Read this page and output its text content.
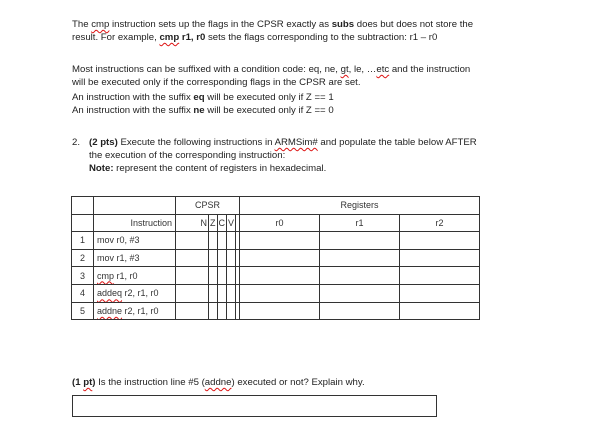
The cmp instruction sets up the flags in the CPSR exactly as subs does but does not store the
result. For example, cmp r1, r0 sets the flags corresponding to the subtraction: r1 – r0
Most instructions can be suffixed with a condition code: eq, ne, gt, le, …etc and the instruction
will be executed only if the corresponding flags in the CPSR are set.
An instruction with the suffix eq will be executed only if Z == 1
An instruction with the suffix ne will be executed only if Z == 0
2. (2 pts) Execute the following instructions in ARMSim# and populate the table below AFTER
the execution of the corresponding instruction:
Note: represent the content of registers in hexadecimal.
		CPSR					Registers		
	Instruction	N	Z	C	V		r0	r1	r2
1	mov r0, #3								
2	mov r1, #3								
3	cmp r1, r0								
4	addeq r2, r1, r0								
5	addne r2, r1, r0								
(1 pt) Is the instruction line #5 (addne) executed or not? Explain why.
